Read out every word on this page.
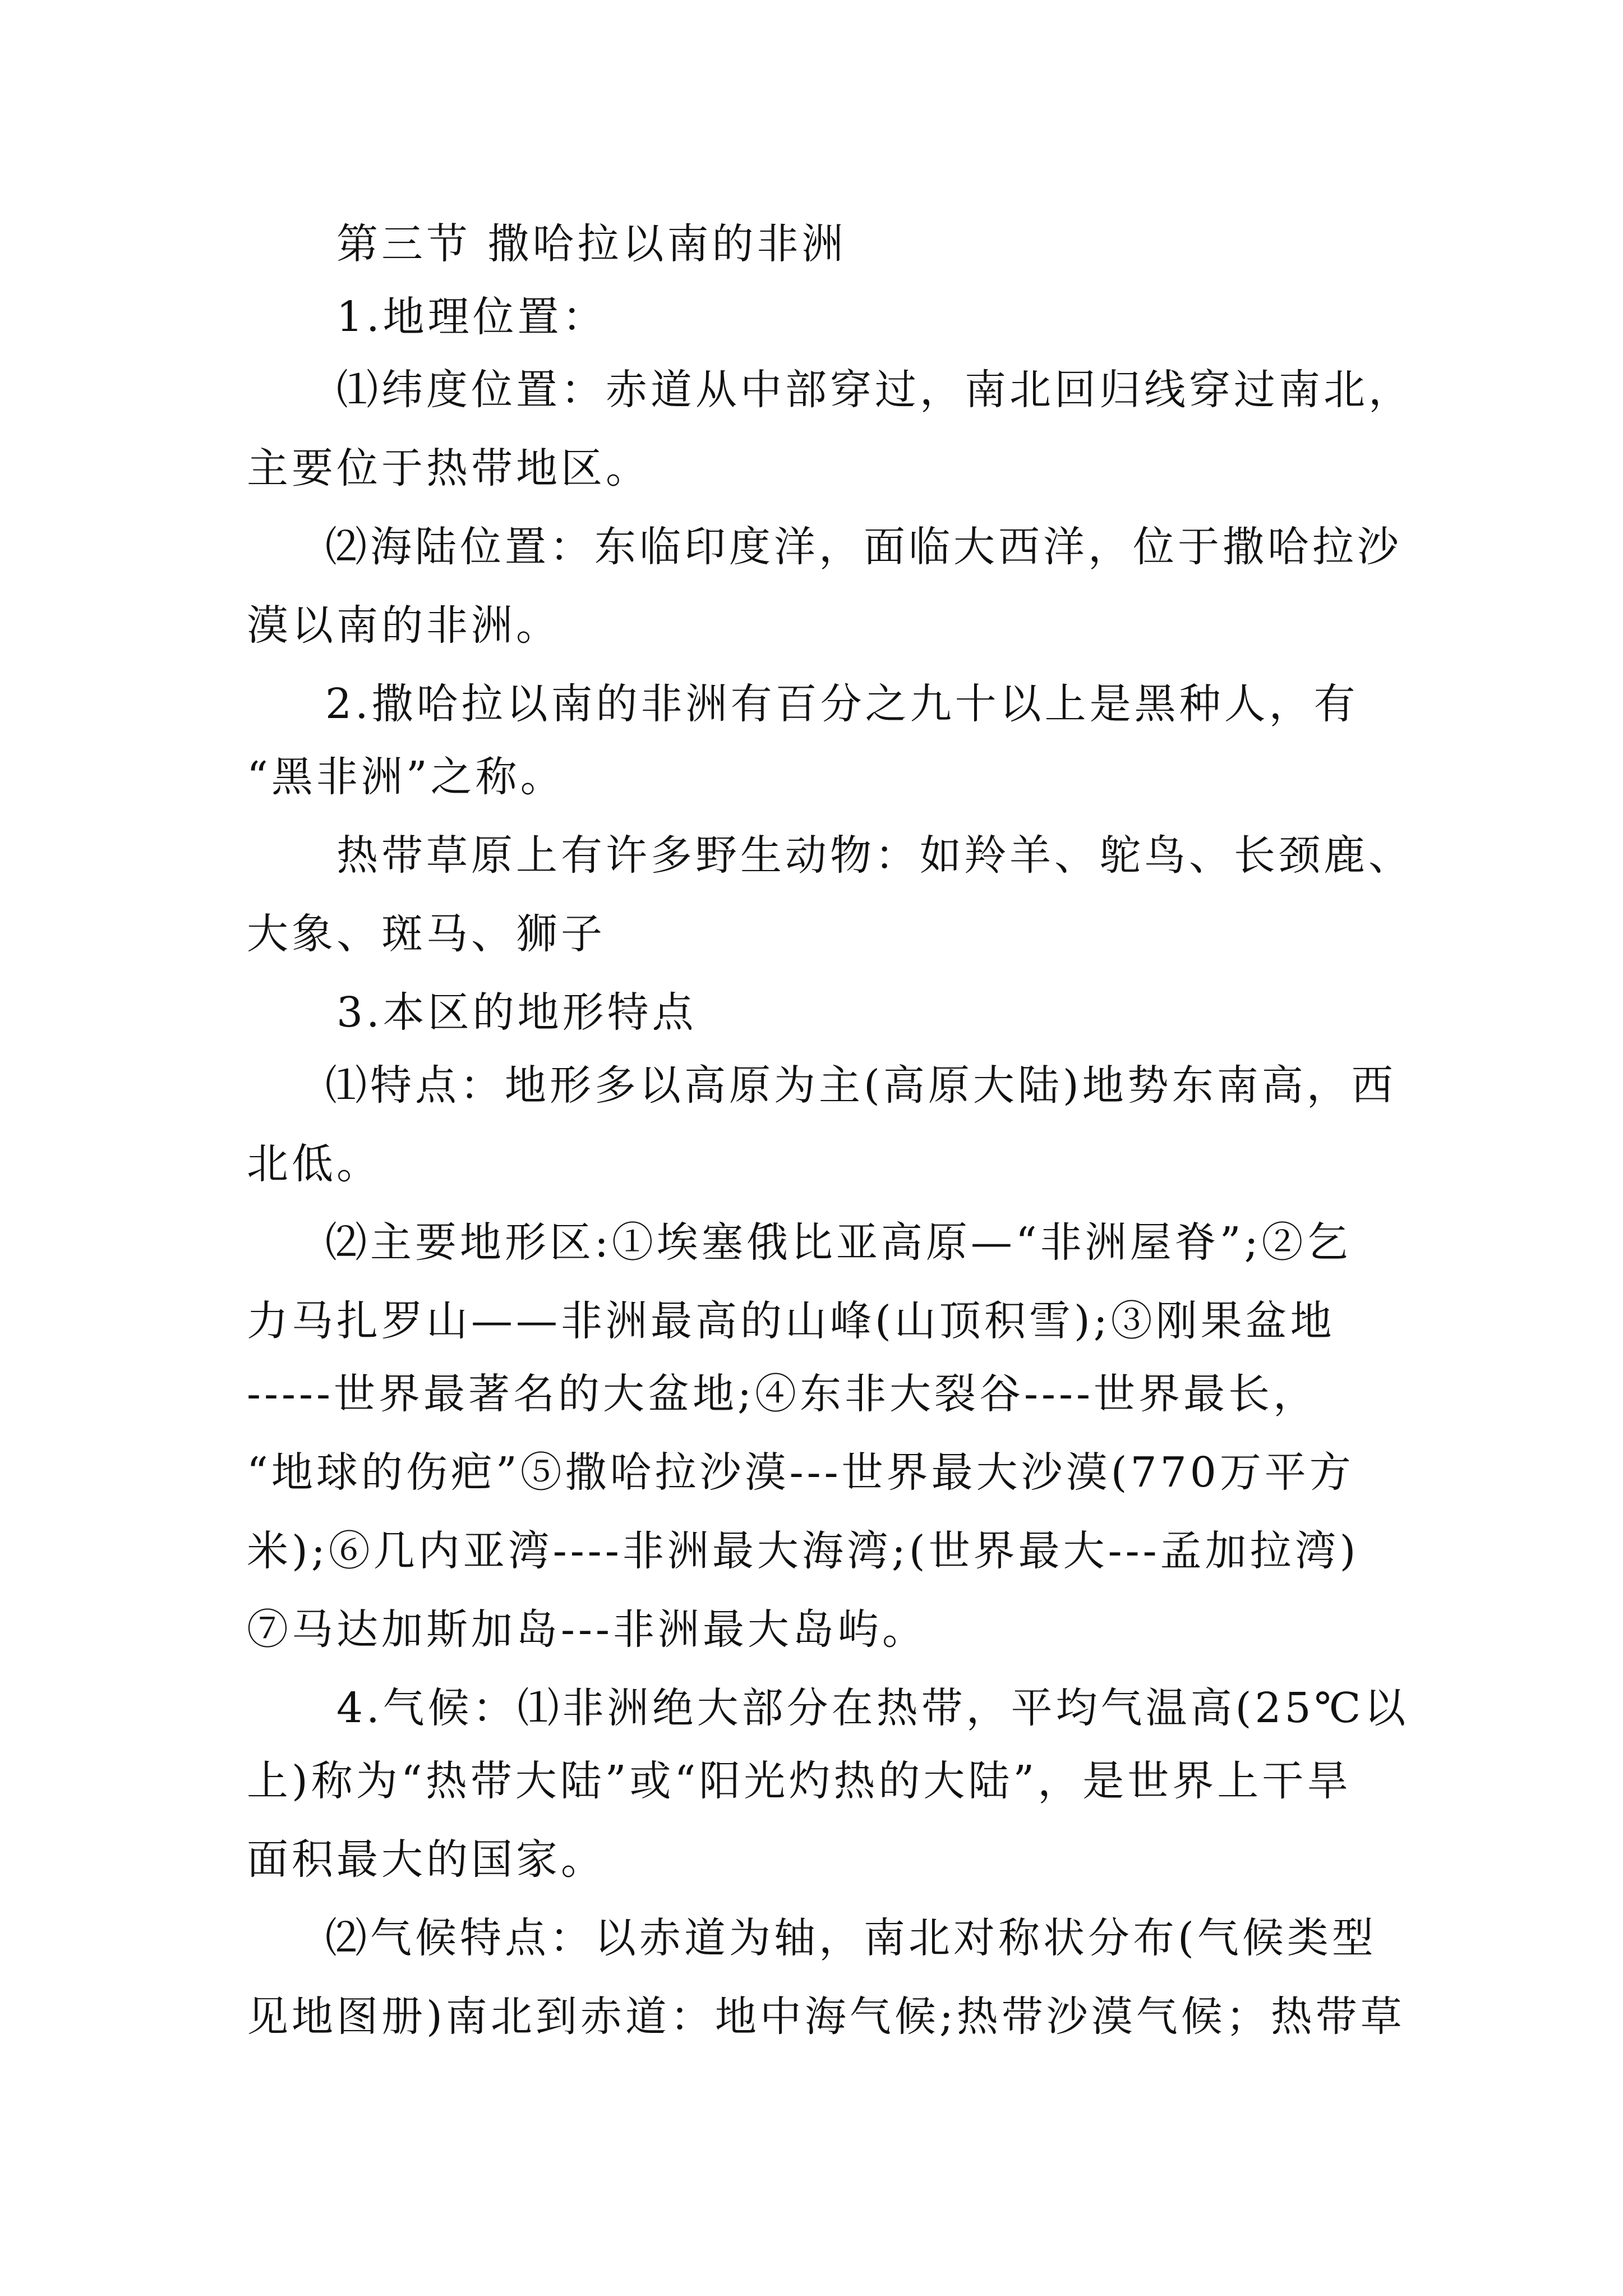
第三节 撒哈拉以南的非洲
1.地理位置：
⑴纬度位置：赤道从中部穿过，南北回归线穿过南北，
主要位于热带地区。
⑵海陆位置：东临印度洋，面临大西洋，位于撒哈拉沙
漠以南的非洲。
2.撒哈拉以南的非洲有百分之九十以上是黑种人，有
“黑非洲”之称。
热带草原上有许多野生动物：如羚羊、鸵鸟、长颈鹿、
大象、斑马、狮子
3.本区的地形特点
⑴特点：地形多以高原为主(高原大陆)地势东南高，西
北低。
⑵主要地形区:①埃塞俄比亚高原—“非洲屋脊”;②乞
力马扎罗山——非洲最高的山峰(山顶积雪);③刚果盆地
-----世界最著名的大盆地;④东非大裂谷----世界最长，
“地球的伤疤”⑤撒哈拉沙漠---世界最大沙漠(770万平方
米);⑥几内亚湾----非洲最大海湾;(世界最大---孟加拉湾)
⑦马达加斯加岛---非洲最大岛屿。
4.气候：⑴非洲绝大部分在热带，平均气温高(25℃以
上)称为“热带大陆”或“阳光灼热的大陆”，是世界上干旱
面积最大的国家。
⑵气候特点：以赤道为轴，南北对称状分布(气候类型
见地图册)南北到赤道：地中海气候;热带沙漠气候；热带草
